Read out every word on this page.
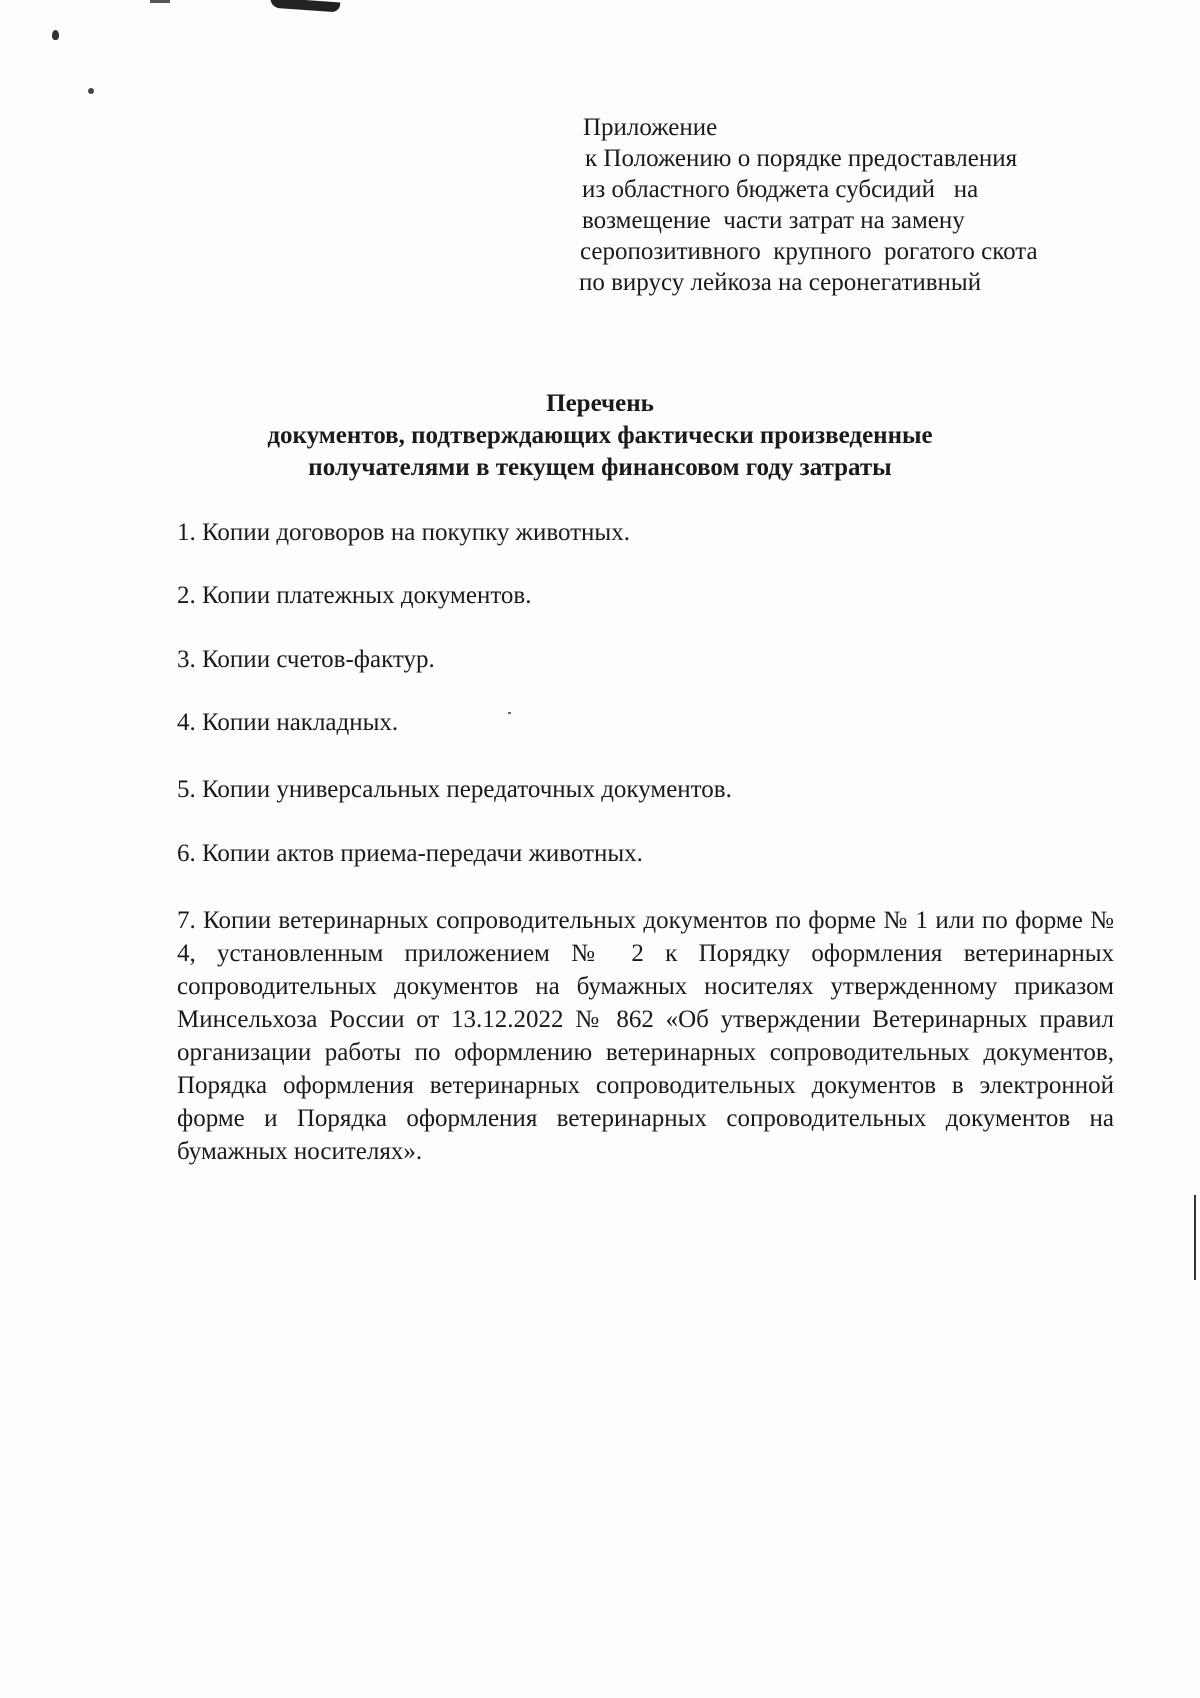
Приложение
к Положению о порядке предоставления
из областного бюджета субсидий   на
возмещение  части затрат на замену
серопозитивного  крупного  рогатого скота
по вирусу лейкоза на серонегативный
Перечень
документов, подтверждающих фактически произведенные
получателями в текущем финансовом году затраты
1. Копии договоров на покупку животных.
2. Копии платежных документов.
3. Копии счетов-фактур.
4. Копии накладных.
5. Копии универсальных передаточных документов.
6. Копии актов приема-передачи животных.
7. Копии ветеринарных сопроводительных документов по форме № 1 или по форме № 4, установленным приложением № 2 к Порядку оформления ветеринарных сопроводительных документов на бумажных носителях утвержденному приказом Минсельхоза России от 13.12.2022 № 862 «Об утверждении Ветеринарных правил организации работы по оформлению ветеринарных сопроводительных документов, Порядка оформления ветеринарных сопроводительных документов в электронной форме и Порядка оформления ветеринарных сопроводительных документов на бумажных носителях».
